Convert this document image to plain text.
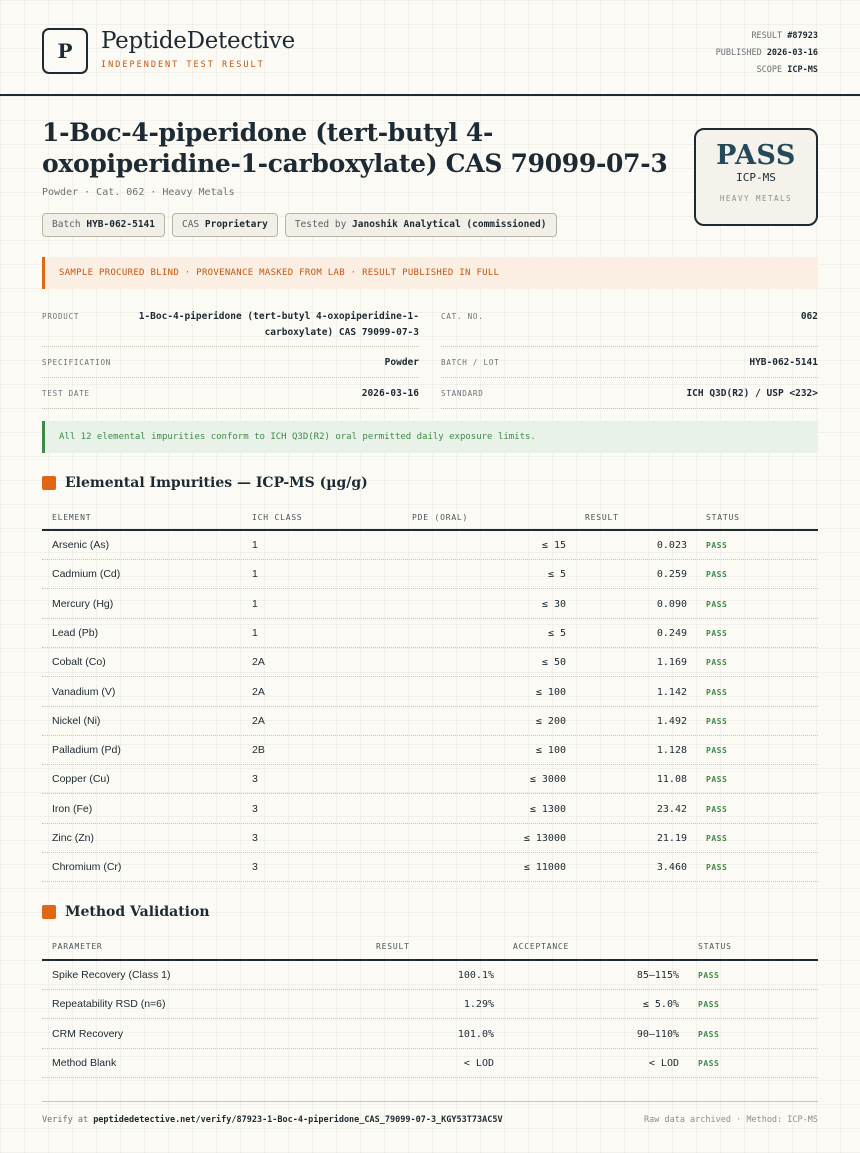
P	PeptideDetective
INDEPENDENT TEST RESULT
RESULT #87923
PUBLISHED 2026-03-16
SCOPE ICP-MS
1-Boc-4-piperidone (tert-butyl 4-oxopiperidine-1-carboxylate) CAS 79099-07-3
Powder · Cat. 062 · Heavy Metals
Batch HYB-062-5141	CAS Proprietary	Tested by Janoshik Analytical (commissioned)
PASS
ICP-MS
HEAVY METALS
SAMPLE PROCURED BLIND · PROVENANCE MASKED FROM LAB · RESULT PUBLISHED IN FULL
PRODUCT	1-Boc-4-piperidone (tert-butyl 4-oxopiperidine-1-carboxylate) CAS 79099-07-3
CAT. NO.	062
SPECIFICATION	Powder	BATCH / LOT	HYB-062-5141
TEST DATE	2026-03-16	STANDARD	ICH Q3D(R2) / USP <232>
All 12 elemental impurities conform to ICH Q3D(R2) oral permitted daily exposure limits.
Elemental Impurities — ICP-MS (µg/g)
ELEMENT	ICH CLASS	PDE (ORAL)	RESULT	STATUS
Arsenic (As)	1	≤ 15	0.023 PASS
Cadmium (Cd)	1	≤ 5	0.259 PASS
Mercury (Hg)	1	≤ 30	0.090 PASS
Lead (Pb)	1	≤ 5	0.249 PASS
Cobalt (Co)	2A	≤ 50	1.169 PASS
Vanadium (V)	2A	≤ 100	1.142 PASS
Nickel (Ni)	2A	≤ 200	1.492 PASS
Palladium (Pd)	2B	≤ 100	1.128 PASS
Copper (Cu)	3	≤ 3000	11.08 PASS
Iron (Fe)	3	≤ 1300	23.42 PASS
Zinc (Zn)	3	≤ 13000	21.19 PASS
Chromium (Cr)	3	≤ 11000	3.460 PASS
Method Validation
PARAMETER	RESULT	ACCEPTANCE	STATUS
Spike Recovery (Class 1)	100.1%	85–115% PASS
Repeatability RSD (n=6)	1.29%	≤ 5.0% PASS
CRM Recovery	101.0%	90–110% PASS
Method Blank	< LOD	< LOD PASS
Verify at peptidedetective.net/verify/87923-1-Boc-4-piperidone_CAS_79099-07-3_KGY53T73AC5V	Raw data archived · Method: ICP-MS
